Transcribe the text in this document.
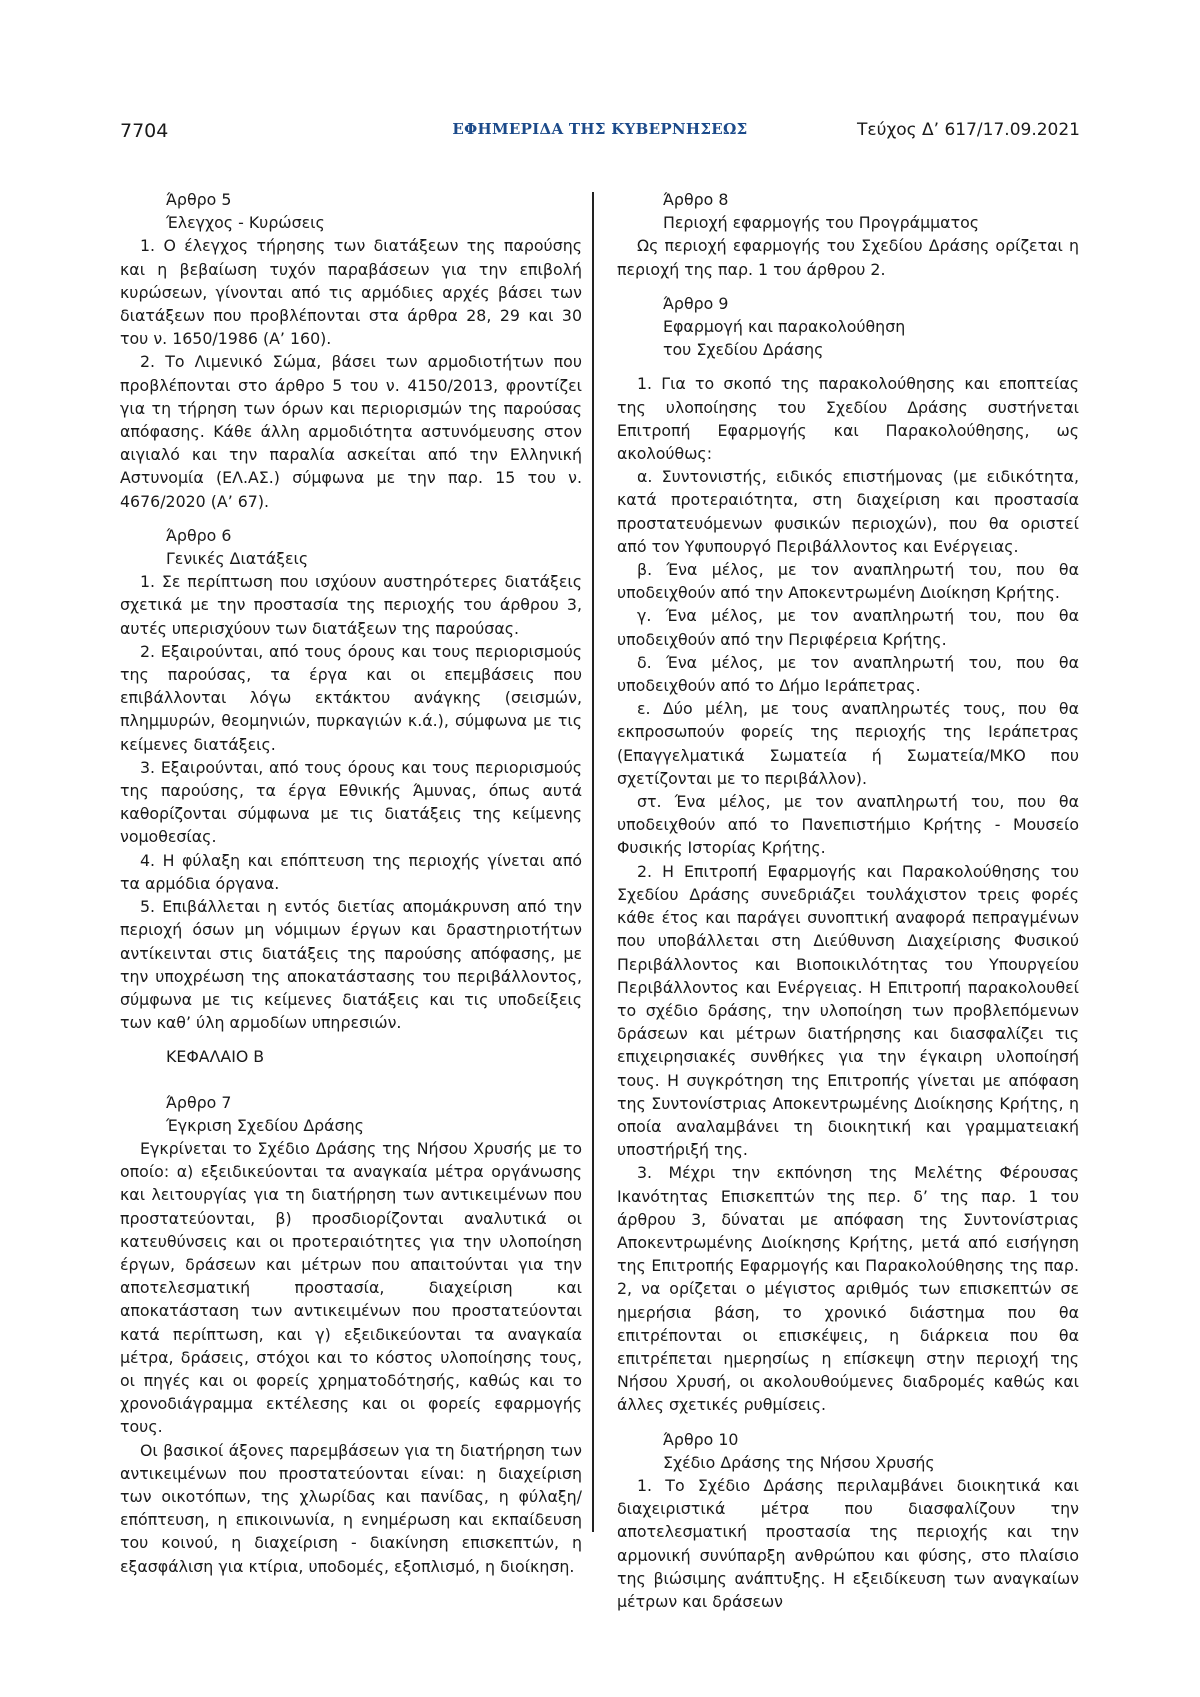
7704	ΕΦΗΜΕΡΙΔΑ ΤΗΣ ΚΥΒΕΡΝΗΣΕΩΣ	Τεύχος Δ’ 617/17.09.2021

Άρθρο 5

Έλεγχος - Κυρώσεις

1. Ο έλεγχος τήρησης των διατάξεων της παρούσης και η βεβαίωση τυχόν παραβάσεων για την επιβολή κυρώσεων, γίνονται από τις αρμόδιες αρχές βάσει των διατάξεων που προβλέπονται στα άρθρα 28, 29 και 30 του ν. 1650/1986 (Α’ 160).

2. Το Λιμενικό Σώμα, βάσει των αρμοδιοτήτων που προβλέπονται στο άρθρο 5 του ν. 4150/2013, φροντίζει για τη τήρηση των όρων και περιορισμών της παρούσας απόφασης. Κάθε άλλη αρμοδιότητα αστυνόμευσης στον αιγιαλό και την παραλία ασκείται από την Ελληνική Αστυνομία (ΕΛ.ΑΣ.) σύμφωνα με την παρ. 15 του ν. 4676/2020 (Α’ 67).

Άρθρο 6

Γενικές Διατάξεις

1. Σε περίπτωση που ισχύουν αυστηρότερες διατάξεις σχετικά με την προστασία της περιοχής του άρθρου 3, αυτές υπερισχύουν των διατάξεων της παρούσας.

2. Εξαιρούνται, από τους όρους και τους περιορισμούς της παρούσας, τα έργα και οι επεμβάσεις που επιβάλλονται λόγω εκτάκτου ανάγκης (σεισμών, πλημμυρών, θεομηνιών, πυρκαγιών κ.ά.), σύμφωνα με τις κείμενες διατάξεις.

3. Εξαιρούνται, από τους όρους και τους περιορισμούς της παρούσης, τα έργα Εθνικής Άμυνας, όπως αυτά καθορίζονται σύμφωνα με τις διατάξεις της κείμενης νομοθεσίας.

4. Η φύλαξη και επόπτευση της περιοχής γίνεται από τα αρμόδια όργανα.

5. Επιβάλλεται η εντός διετίας απομάκρυνση από την περιοχή όσων μη νόμιμων έργων και δραστηριοτήτων αντίκεινται στις διατάξεις της παρούσης απόφασης, με την υποχρέωση της αποκατάστασης του περιβάλλοντος, σύμφωνα με τις κείμενες διατάξεις και τις υποδείξεις των καθ’ ύλη αρμοδίων υπηρεσιών.

ΚΕΦΑΛΑΙΟ Β

Άρθρο 7

Έγκριση Σχεδίου Δράσης

Εγκρίνεται το Σχέδιο Δράσης της Νήσου Χρυσής με το οποίο: α) εξειδικεύονται τα αναγκαία μέτρα οργάνωσης και λειτουργίας για τη διατήρηση των αντικειμένων που προστατεύονται, β) προσδιορίζονται αναλυτικά οι κατευθύνσεις και οι προτεραιότητες για την υλοποίηση έργων, δράσεων και μέτρων που απαιτούνται για την αποτελεσματική προστασία, διαχείριση και αποκατάσταση των αντικειμένων που προστατεύονται κατά περίπτωση, και γ) εξειδικεύονται τα αναγκαία μέτρα, δράσεις, στόχοι και το κόστος υλοποίησης τους, οι πηγές και οι φορείς χρηματοδότησής, καθώς και το χρονοδιάγραμμα εκτέλεσης και οι φορείς εφαρμογής τους.

Οι βασικοί άξονες παρεμβάσεων για τη διατήρηση των αντικειμένων που προστατεύονται είναι: η διαχείριση των οικοτόπων, της χλωρίδας και πανίδας, η φύλαξη/επόπτευση, η επικοινωνία, η ενημέρωση και εκπαίδευση του κοινού, η διαχείριση - διακίνηση επισκεπτών, η εξασφάλιση για κτίρια, υποδομές, εξοπλισμό, η διοίκηση.

Άρθρο 8

Περιοχή εφαρμογής του Προγράμματος

Ως περιοχή εφαρμογής του Σχεδίου Δράσης ορίζεται η περιοχή της παρ. 1 του άρθρου 2.

Άρθρο 9

Εφαρμογή και παρακολούθηση

του Σχεδίου Δράσης

1. Για το σκοπό της παρακολούθησης και εποπτείας της υλοποίησης του Σχεδίου Δράσης συστήνεται Επιτροπή Εφαρμογής και Παρακολούθησης, ως ακολούθως:

α. Συντονιστής, ειδικός επιστήμονας (με ειδικότητα, κατά προτεραιότητα, στη διαχείριση και προστασία προστατευόμενων φυσικών περιοχών), που θα οριστεί από τον Υφυπουργό Περιβάλλοντος και Ενέργειας.

β. Ένα μέλος, με τον αναπληρωτή του, που θα υποδειχθούν από την Αποκεντρωμένη Διοίκηση Κρήτης.

γ. Ένα μέλος, με τον αναπληρωτή του, που θα υποδειχθούν από την Περιφέρεια Κρήτης.

δ. Ένα μέλος, με τον αναπληρωτή του, που θα υποδειχθούν από το Δήμο Ιεράπετρας.

ε. Δύο μέλη, με τους αναπληρωτές τους, που θα εκπροσωπούν φορείς της περιοχής της Ιεράπετρας (Επαγγελματικά Σωματεία ή Σωματεία/ΜΚΟ που σχετίζονται με το περιβάλλον).

στ. Ένα μέλος, με τον αναπληρωτή του, που θα υποδειχθούν από το Πανεπιστήμιο Κρήτης - Μουσείο Φυσικής Ιστορίας Κρήτης.

2. Η Επιτροπή Εφαρμογής και Παρακολούθησης του Σχεδίου Δράσης συνεδριάζει τουλάχιστον τρεις φορές κάθε έτος και παράγει συνοπτική αναφορά πεπραγμένων που υποβάλλεται στη Διεύθυνση Διαχείρισης Φυσικού Περιβάλλοντος και Βιοποικιλότητας του Υπουργείου Περιβάλλοντος και Ενέργειας. Η Επιτροπή παρακολουθεί το σχέδιο δράσης, την υλοποίηση των προβλεπόμενων δράσεων και μέτρων διατήρησης και διασφαλίζει τις επιχειρησιακές συνθήκες για την έγκαιρη υλοποίησή τους. Η συγκρότηση της Επιτροπής γίνεται με απόφαση της Συντονίστριας Αποκεντρωμένης Διοίκησης Κρήτης, η οποία αναλαμβάνει τη διοικητική και γραμματειακή υποστήριξή της.

3. Μέχρι την εκπόνηση της Μελέτης Φέρουσας Ικανότητας Επισκεπτών της περ. δ’ της παρ. 1 του άρθρου 3, δύναται με απόφαση της Συντονίστριας Αποκεντρωμένης Διοίκησης Κρήτης, μετά από εισήγηση της Επιτροπής Εφαρμογής και Παρακολούθησης της παρ. 2, να ορίζεται ο μέγιστος αριθμός των επισκεπτών σε ημερήσια βάση, το χρονικό διάστημα που θα επιτρέπονται οι επισκέψεις, η διάρκεια που θα επιτρέπεται ημερησίως η επίσκεψη στην περιοχή της Νήσου Χρυσή, οι ακολουθούμενες διαδρομές καθώς και άλλες σχετικές ρυθμίσεις.

Άρθρο 10

Σχέδιο Δράσης της Νήσου Χρυσής

1. Το Σχέδιο Δράσης περιλαμβάνει διοικητικά και διαχειριστικά μέτρα που διασφαλίζουν την αποτελεσματική προστασία της περιοχής και την αρμονική συνύπαρξη ανθρώπου και φύσης, στο πλαίσιο της βιώσιμης ανάπτυξης. Η εξειδίκευση των αναγκαίων μέτρων και δράσεων
